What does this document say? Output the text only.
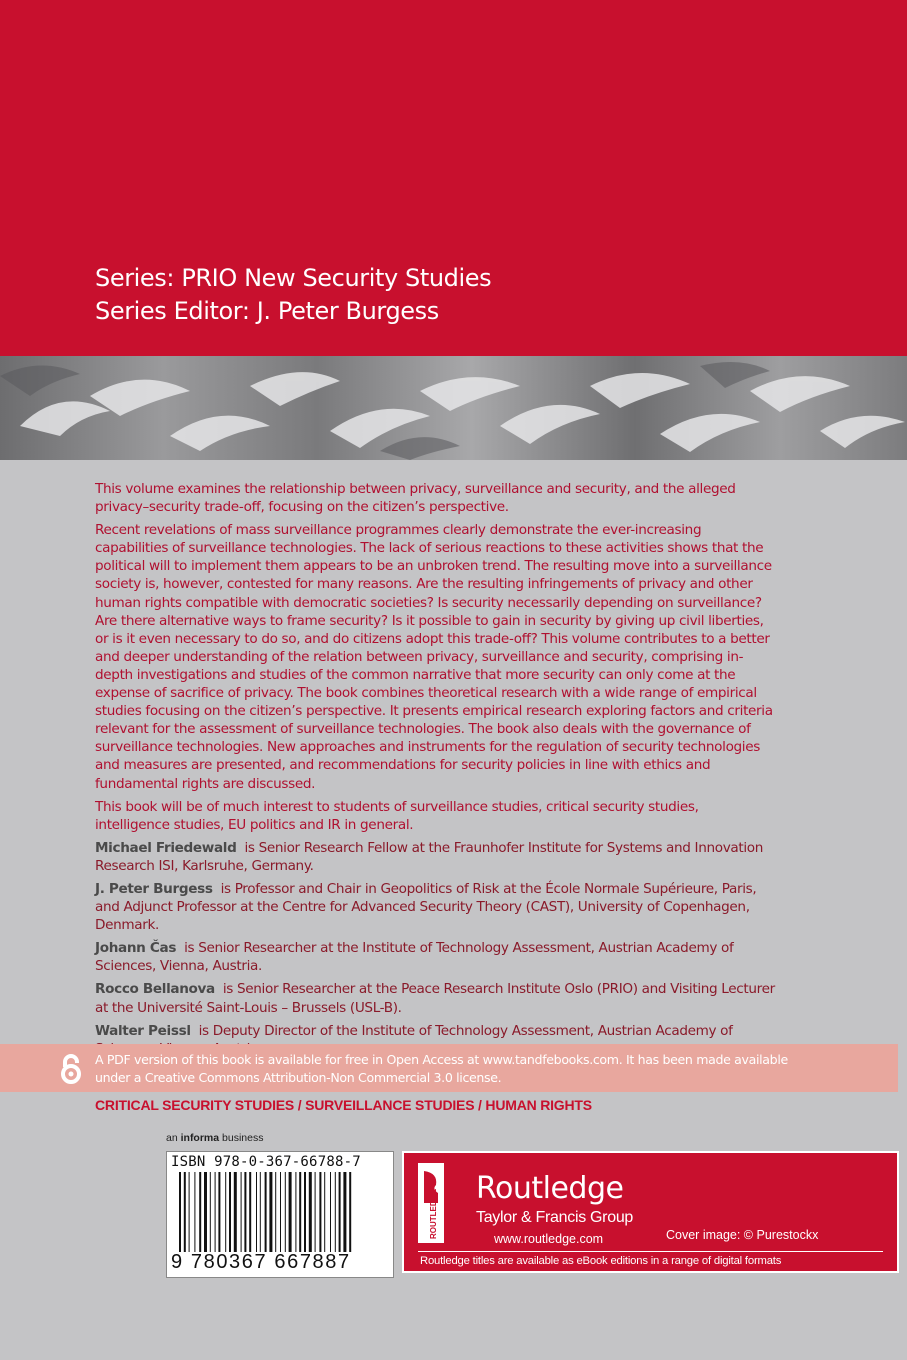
Series: PRIO New Security Studies
Series Editor: J. Peter Burgess

This volume examines the relationship between privacy, surveillance and security, and the alleged privacy–security trade-off, focusing on the citizen’s perspective.

Recent revelations of mass surveillance programmes clearly demonstrate the ever-increasing capabilities of surveillance technologies. The lack of serious reactions to these activities shows that the political will to implement them appears to be an unbroken trend. The resulting move into a surveillance society is, however, contested for many reasons. Are the resulting infringements of privacy and other human rights compatible with democratic societies? Is security necessarily depending on surveillance? Are there alternative ways to frame security? Is it possible to gain in security by giving up civil liberties, or is it even necessary to do so, and do citizens adopt this trade-off? This volume contributes to a better and deeper understanding of the relation between privacy, surveillance and security, comprising in-depth investigations and studies of the common narrative that more security can only come at the expense of sacrifice of privacy. The book combines theoretical research with a wide range of empirical studies focusing on the citizen’s perspective. It presents empirical research exploring factors and criteria relevant for the assessment of surveillance technologies. The book also deals with the governance of surveillance technologies. New approaches and instruments for the regulation of security technologies and measures are presented, and recommendations for security policies in line with ethics and fundamental rights are discussed.

This book will be of much interest to students of surveillance studies, critical security studies, intelligence studies, EU politics and IR in general.

Michael Friedewald is Senior Research Fellow at the Fraunhofer Institute for Systems and Innovation Research ISI, Karlsruhe, Germany.

J. Peter Burgess is Professor and Chair in Geopolitics of Risk at the École Normale Supérieure, Paris, and Adjunct Professor at the Centre for Advanced Security Theory (CAST), University of Copenhagen, Denmark.

Johann Čas is Senior Researcher at the Institute of Technology Assessment, Austrian Academy of Sciences, Vienna, Austria.

Rocco Bellanova is Senior Researcher at the Peace Research Institute Oslo (PRIO) and Visiting Lecturer at the Université Saint-Louis – Brussels (USL-B).

Walter Peissl is Deputy Director of the Institute of Technology Assessment, Austrian Academy of

A PDF version of this book is available for free in Open Access at www.tandfebooks.com. It has been made available
under a Creative Commons Attribution-Non Commercial 3.0 license.
CRITICAL SECURITY STUDIES / SURVEILLANCE STUDIES / HUMAN RIGHTS
an informa business
ISBN 978-0-367-66788-7
9 780367 667887
ROUTLEDGE
Routledge
Taylor & Francis Group
www.routledge.com	Cover image: © Purestockx
Routledge titles are available as eBook editions in a range of digital formats
